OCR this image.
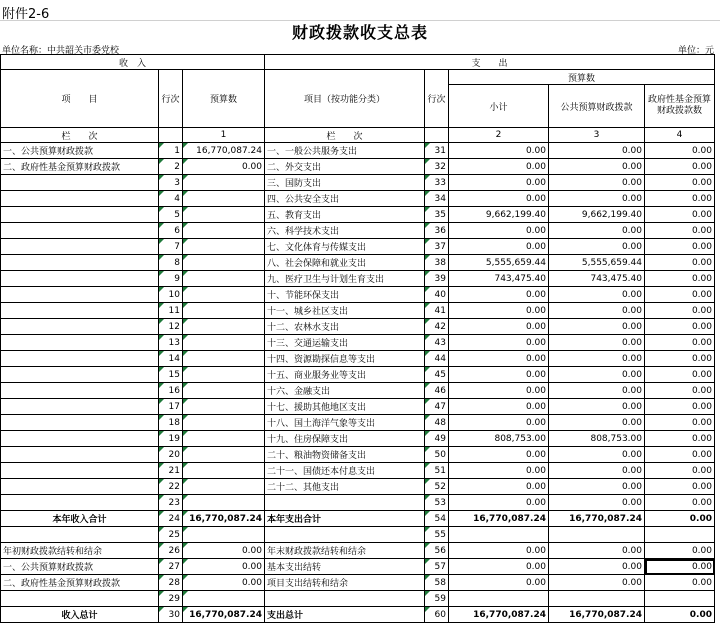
附件2-6
财政拨款收支总表
单位名称：中共韶关市委党校	单位：元
收　入			支　　出				
项　　目	行次	预算数	项目（按功能分类）	行次	预算数		
					小计	公共预算财政拨款	政府性基金预算财政拨款数
栏　　次		1	栏　　次		2	3	4
一、公共预算财政拨款	1	16,770,087.24	一、一般公共服务支出	31	0.00	0.00	0.00
二、政府性基金预算财政拨款	2	0.00	二、外交支出	32	0.00	0.00	0.00
	3		三、国防支出	33	0.00	0.00	0.00
	4		四、公共安全支出	34	0.00	0.00	0.00
	5		五、教育支出	35	9,662,199.40	9,662,199.40	0.00
	6		六、科学技术支出	36	0.00	0.00	0.00
	7		七、文化体育与传媒支出	37	0.00	0.00	0.00
	8		八、社会保障和就业支出	38	5,555,659.44	5,555,659.44	0.00
	9		九、医疗卫生与计划生育支出	39	743,475.40	743,475.40	0.00
	10		十、节能环保支出	40	0.00	0.00	0.00
	11		十一、城乡社区支出	41	0.00	0.00	0.00
	12		十二、农林水支出	42	0.00	0.00	0.00
	13		十三、交通运输支出	43	0.00	0.00	0.00
	14		十四、资源勘探信息等支出	44	0.00	0.00	0.00
	15		十五、商业服务业等支出	45	0.00	0.00	0.00
	16		十六、金融支出	46	0.00	0.00	0.00
	17		十七、援助其他地区支出	47	0.00	0.00	0.00
	18		十八、国土海洋气象等支出	48	0.00	0.00	0.00
	19		十九、住房保障支出	49	808,753.00	808,753.00	0.00
	20		二十、粮油物资储备支出	50	0.00	0.00	0.00
	21		二十一、国债还本付息支出	51	0.00	0.00	0.00
	22		二十二、其他支出	52	0.00	0.00	0.00
	23			53	0.00	0.00	0.00
本年收入合计	24	16,770,087.24	本年支出合计	54	16,770,087.24	16,770,087.24	0.00
	25			55			
年初财政拨款结转和结余	26	0.00	年末财政拨款结转和结余	56	0.00	0.00	0.00
一、公共预算财政拨款	27	0.00	基本支出结转	57	0.00	0.00	0.00
二、政府性基金预算财政拨款	28	0.00	项目支出结转和结余	58	0.00	0.00	0.00
	29			59			
收入总计	30	16,770,087.24	支出总计	60	16,770,087.24	16,770,087.24	0.00
